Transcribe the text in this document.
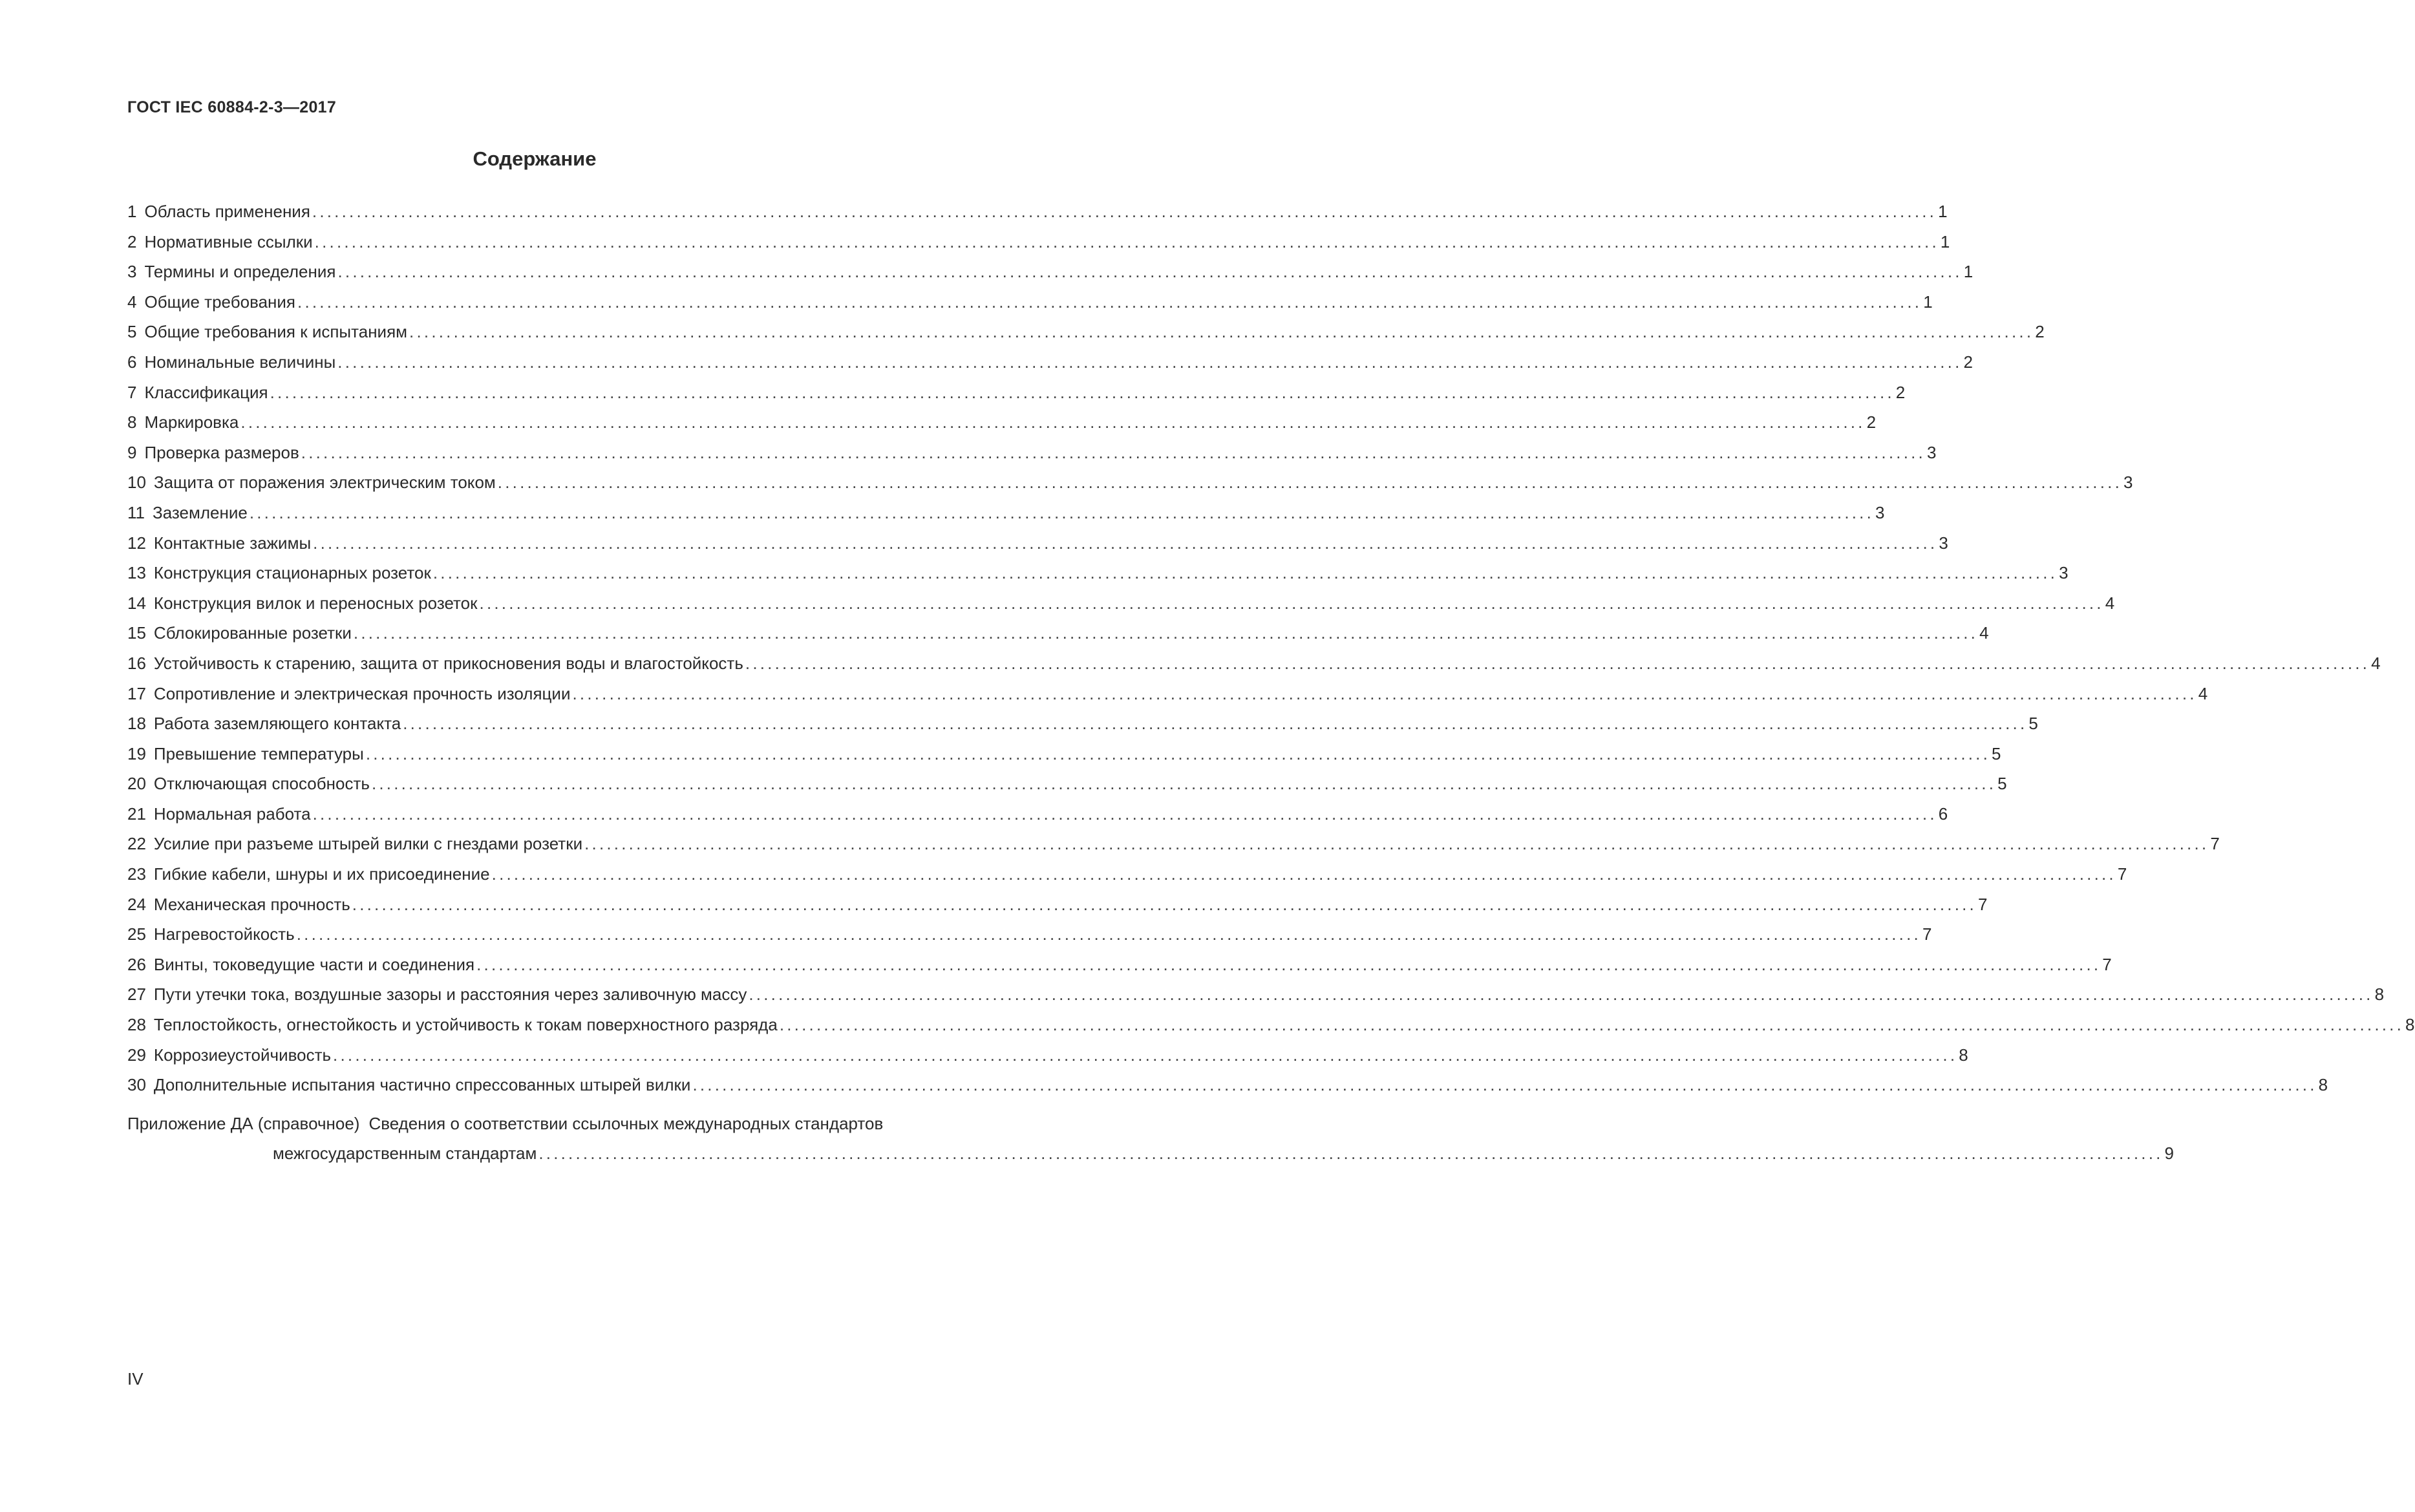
ГОСТ IEC 60884-2-3—2017
Содержание
1 Область применения ............................................................................................................................................................................................................................ 1
2 Нормативные ссылки ............................................................................................................................................................................................................................ 1
3 Термины и определения ............................................................................................................................................................................................................................ 1
4 Общие требования ............................................................................................................................................................................................................................ 1
5 Общие требования к испытаниям ............................................................................................................................................................................................................................ 2
6 Номинальные величины ............................................................................................................................................................................................................................ 2
7 Классификация ............................................................................................................................................................................................................................ 2
8 Маркировка ............................................................................................................................................................................................................................ 2
9 Проверка размеров ............................................................................................................................................................................................................................ 3
10 Защита от поражения электрическим током ............................................................................................................................................................................................................................ 3
11 Заземление ............................................................................................................................................................................................................................ 3
12 Контактные зажимы ............................................................................................................................................................................................................................ 3
13 Конструкция стационарных розеток ............................................................................................................................................................................................................................ 3
14 Конструкция вилок и переносных розеток ............................................................................................................................................................................................................................ 4
15 Сблокированные розетки ............................................................................................................................................................................................................................ 4
16 Устойчивость к старению, защита от прикосновения воды и влагостойкость ............................................................................................................................................................................................................................ 4
17 Сопротивление и электрическая прочность изоляции ............................................................................................................................................................................................................................ 4
18 Работа заземляющего контакта ............................................................................................................................................................................................................................ 5
19 Превышение температуры ............................................................................................................................................................................................................................ 5
20 Отключающая способность ............................................................................................................................................................................................................................ 5
21 Нормальная работа ............................................................................................................................................................................................................................ 6
22 Усилие при разъеме штырей вилки с гнездами розетки ............................................................................................................................................................................................................................ 7
23 Гибкие кабели, шнуры и их присоединение ............................................................................................................................................................................................................................ 7
24 Механическая прочность ............................................................................................................................................................................................................................ 7
25 Нагревостойкость ............................................................................................................................................................................................................................ 7
26 Винты, токоведущие части и соединения ............................................................................................................................................................................................................................ 7
27 Пути утечки тока, воздушные зазоры и расстояния через заливочную массу ............................................................................................................................................................................................................................ 8
28 Теплостойкость, огнестойкость и устойчивость к токам поверхностного разряда ............................................................................................................................................................................................................................ 8
29 Коррозиеустойчивость ............................................................................................................................................................................................................................ 8
30 Дополнительные испытания частично спрессованных штырей вилки ............................................................................................................................................................................................................................ 8
Приложение ДА (справочное) Сведения о соответствии ссылочных международных стандартов
межгосударственным стандартам ............................................................................................................................................................................................................................ 9
IV
